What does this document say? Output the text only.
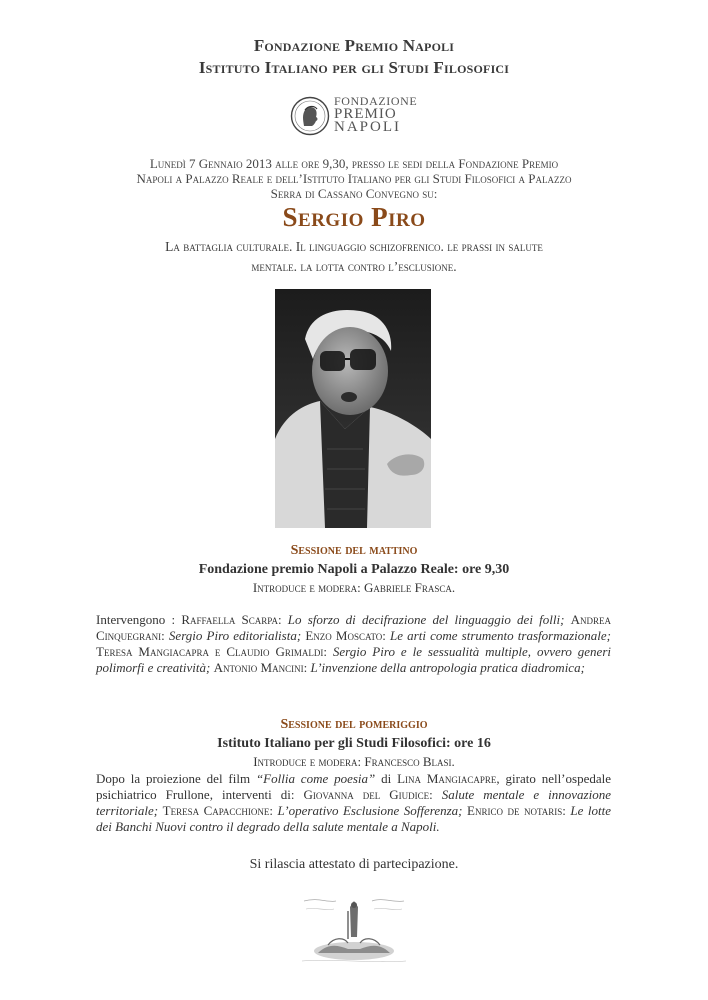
Fondazione Premio Napoli
Istituto Italiano per gli Studi Filosofici
FONDAZIONE
PREMIO
NAPOLI
Lunedì 7 Gennaio 2013 alle ore 9,30, presso le sedi della Fondazione Premio
Napoli a Palazzo Reale e dell’Istituto Italiano per gli Studi Filosofici a Palazzo
Serra di Cassano Convegno su:
Sergio Piro
La battaglia culturale. Il linguaggio schizofrenico. le prassi in salute
mentale. la lotta contro l’esclusione.
Sessione del mattino
Fondazione premio Napoli a Palazzo Reale: ore 9,30
Introduce e modera: Gabriele Frasca.
Intervengono : Raffaella Scarpa: Lo sforzo di decifrazione del linguaggio dei folli; Andrea Cinquegrani: Sergio Piro editorialista; Enzo Moscato: Le arti come strumento trasformazionale; Teresa Mangiacapra e Claudio Grimaldi: Sergio Piro e le sessualità multiple, ovvero generi polimorfi e creatività; Antonio Mancini: L’invenzione della antropologia pratica diadromica;
Sessione del pomeriggio
Istituto Italiano per gli Studi Filosofici: ore 16
Introduce e modera: Francesco Blasi.
Dopo la proiezione del film “Follia come poesia” di Lina Mangiacapre, girato nell’ospedale psichiatrico Frullone, interventi di: Giovanna del Giudice: Salute mentale e innovazione territoriale; Teresa Capacchione: L’operativo Esclusione Sofferenza; Enrico de notaris: Le lotte dei Banchi Nuovi contro il degrado della salute mentale a Napoli.
Si rilascia attestato di partecipazione.
